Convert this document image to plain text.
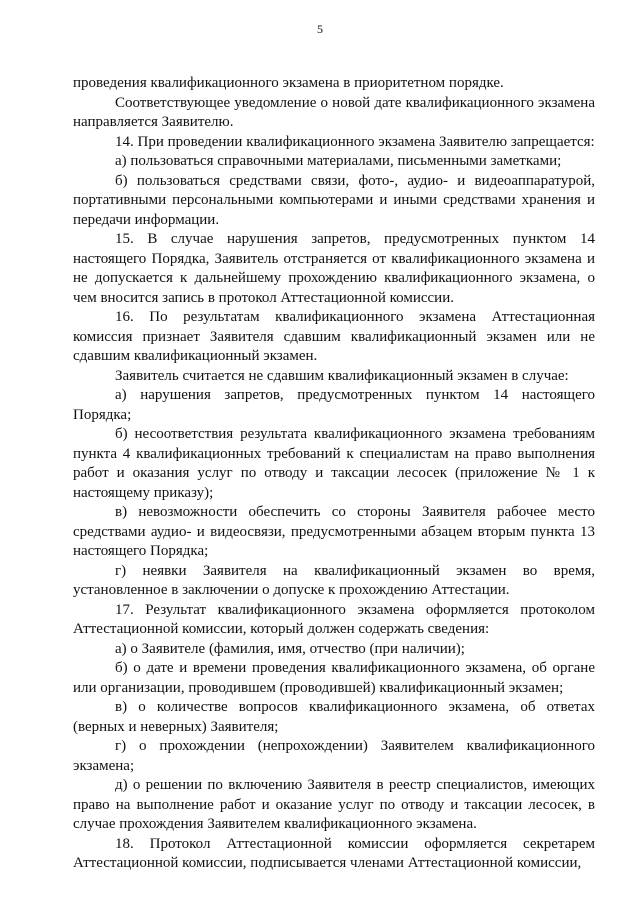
5

проведения квалификационного экзамена в приоритетном порядке.

Соответствующее уведомление о новой дате квалификационного экзамена направляется Заявителю.

14. При проведении квалификационного экзамена Заявителю запрещается:

а) пользоваться справочными материалами, письменными заметками;

б) пользоваться средствами связи, фото-, аудио- и видеоаппаратурой, портативными персональными компьютерами и иными средствами хранения и передачи информации.

15. В случае нарушения запретов, предусмотренных пунктом 14 настоящего Порядка, Заявитель отстраняется от квалификационного экзамена и не допускается к дальнейшему прохождению квалификационного экзамена, о чем вносится запись в протокол Аттестационной комиссии.

16. По результатам квалификационного экзамена Аттестационная комиссия признает Заявителя сдавшим квалификационный экзамен или не сдавшим квалификационный экзамен.

Заявитель считается не сдавшим квалификационный экзамен в случае:

а) нарушения запретов, предусмотренных пунктом 14 настоящего Порядка;

б) несоответствия результата квалификационного экзамена требованиям пункта 4 квалификационных требований к специалистам на право выполнения работ и оказания услуг по отводу и таксации лесосек (приложение № 1 к настоящему приказу);

в) невозможности обеспечить со стороны Заявителя рабочее место средствами аудио- и видеосвязи, предусмотренными абзацем вторым пункта 13 настоящего Порядка;

г) неявки Заявителя на квалификационный экзамен во время, установленное в заключении о допуске к прохождению Аттестации.

17. Результат квалификационного экзамена оформляется протоколом Аттестационной комиссии, который должен содержать сведения:

а) о Заявителе (фамилия, имя, отчество (при наличии);

б) о дате и времени проведения квалификационного экзамена, об органе или организации, проводившем (проводившей) квалификационный экзамен;

в) о количестве вопросов квалификационного экзамена, об ответах (верных и неверных) Заявителя;

г) о прохождении (непрохождении) Заявителем квалификационного экзамена;

д) о решении по включению Заявителя в реестр специалистов, имеющих право на выполнение работ и оказание услуг по отводу и таксации лесосек, в случае прохождения Заявителем квалификационного экзамена.

18. Протокол Аттестационной комиссии оформляется секретарем Аттестационной комиссии, подписывается членами Аттестационной комиссии,
